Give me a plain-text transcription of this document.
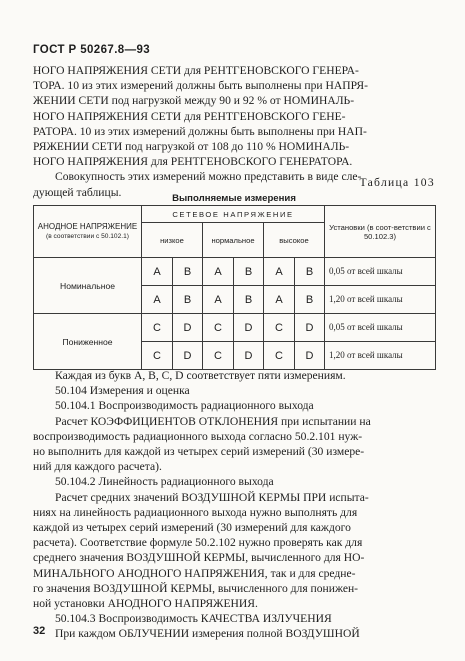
ГОСТ Р 50267.8—93

НОГО НАПРЯЖЕНИЯ СЕТИ для РЕНТГЕНОВСКОГО ГЕНЕРА-

ТОРА. 10 из этих измерений должны быть выполнены при НАПРЯ-

ЖЕНИИ СЕТИ под нагрузкой между 90 и 92 % от НОМИНАЛЬ-

НОГО НАПРЯЖЕНИЯ СЕТИ для РЕНТГЕНОВСКОГО ГЕНЕ-

РАТОРА. 10 из этих измерений должны быть выполнены при НАП-

РЯЖЕНИИ СЕТИ под нагрузкой от 108 до 110 % НОМИНАЛЬ-

НОГО НАПРЯЖЕНИЯ для РЕНТГЕНОВСКОГО ГЕНЕРАТОРА.

Совокупность этих измерений можно представить в виде сле-

дующей таблицы.

Таблица 103
Выполняемые измерения
АНОДНОЕ НАПРЯЖЕНИЕ
(в соответствии с 50.102.1)	СЕТЕВОЕ НАПРЯЖЕНИЕ						Установки (в соот-ветствии с 50.102.3)
	низкое		нормальное		высокое		
Номинальное	A	B	A	B	A	B	0,05 от всей шкалы
	A	B	A	B	A	B	1,20 от всей шкалы
Пониженное	C	D	C	D	C	D	0,05 от всей шкалы
	C	D	C	D	C	D	1,20 от всей шкалы

Каждая из букв A, B, C, D соответствует пяти измерениям.

50.104 Измерения и оценка

50.104.1 Воспроизводимость радиационного выхода

Расчет КОЭФФИЦИЕНТОВ ОТКЛОНЕНИЯ при испытании на

воспроизводимость радиационного выхода согласно 50.2.101 нуж-

но выполнить для каждой из четырех серий измерений (30 измере-

ний для каждого расчета).

50.104.2 Линейность радиационного выхода

Расчет средних значений ВОЗДУШНОЙ КЕРМЫ ПРИ испыта-

ниях на линейность радиационного выхода нужно выполнять для

каждой из четырех серий измерений (30 измерений для каждого

расчета). Соответствие формуле 50.2.102 нужно проверять как для

среднего значения ВОЗДУШНОЙ КЕРМЫ, вычисленного для НО-

МИНАЛЬНОГО АНОДНОГО НАПРЯЖЕНИЯ, так и для средне-

го значения ВОЗДУШНОЙ КЕРМЫ, вычисленного для понижен-

ной установки АНОДНОГО НАПРЯЖЕНИЯ.

50.104.3 Воспроизводимость КАЧЕСТВА ИЗЛУЧЕНИЯ

При каждом ОБЛУЧЕНИИ измерения полной ВОЗДУШНОЙ

32
